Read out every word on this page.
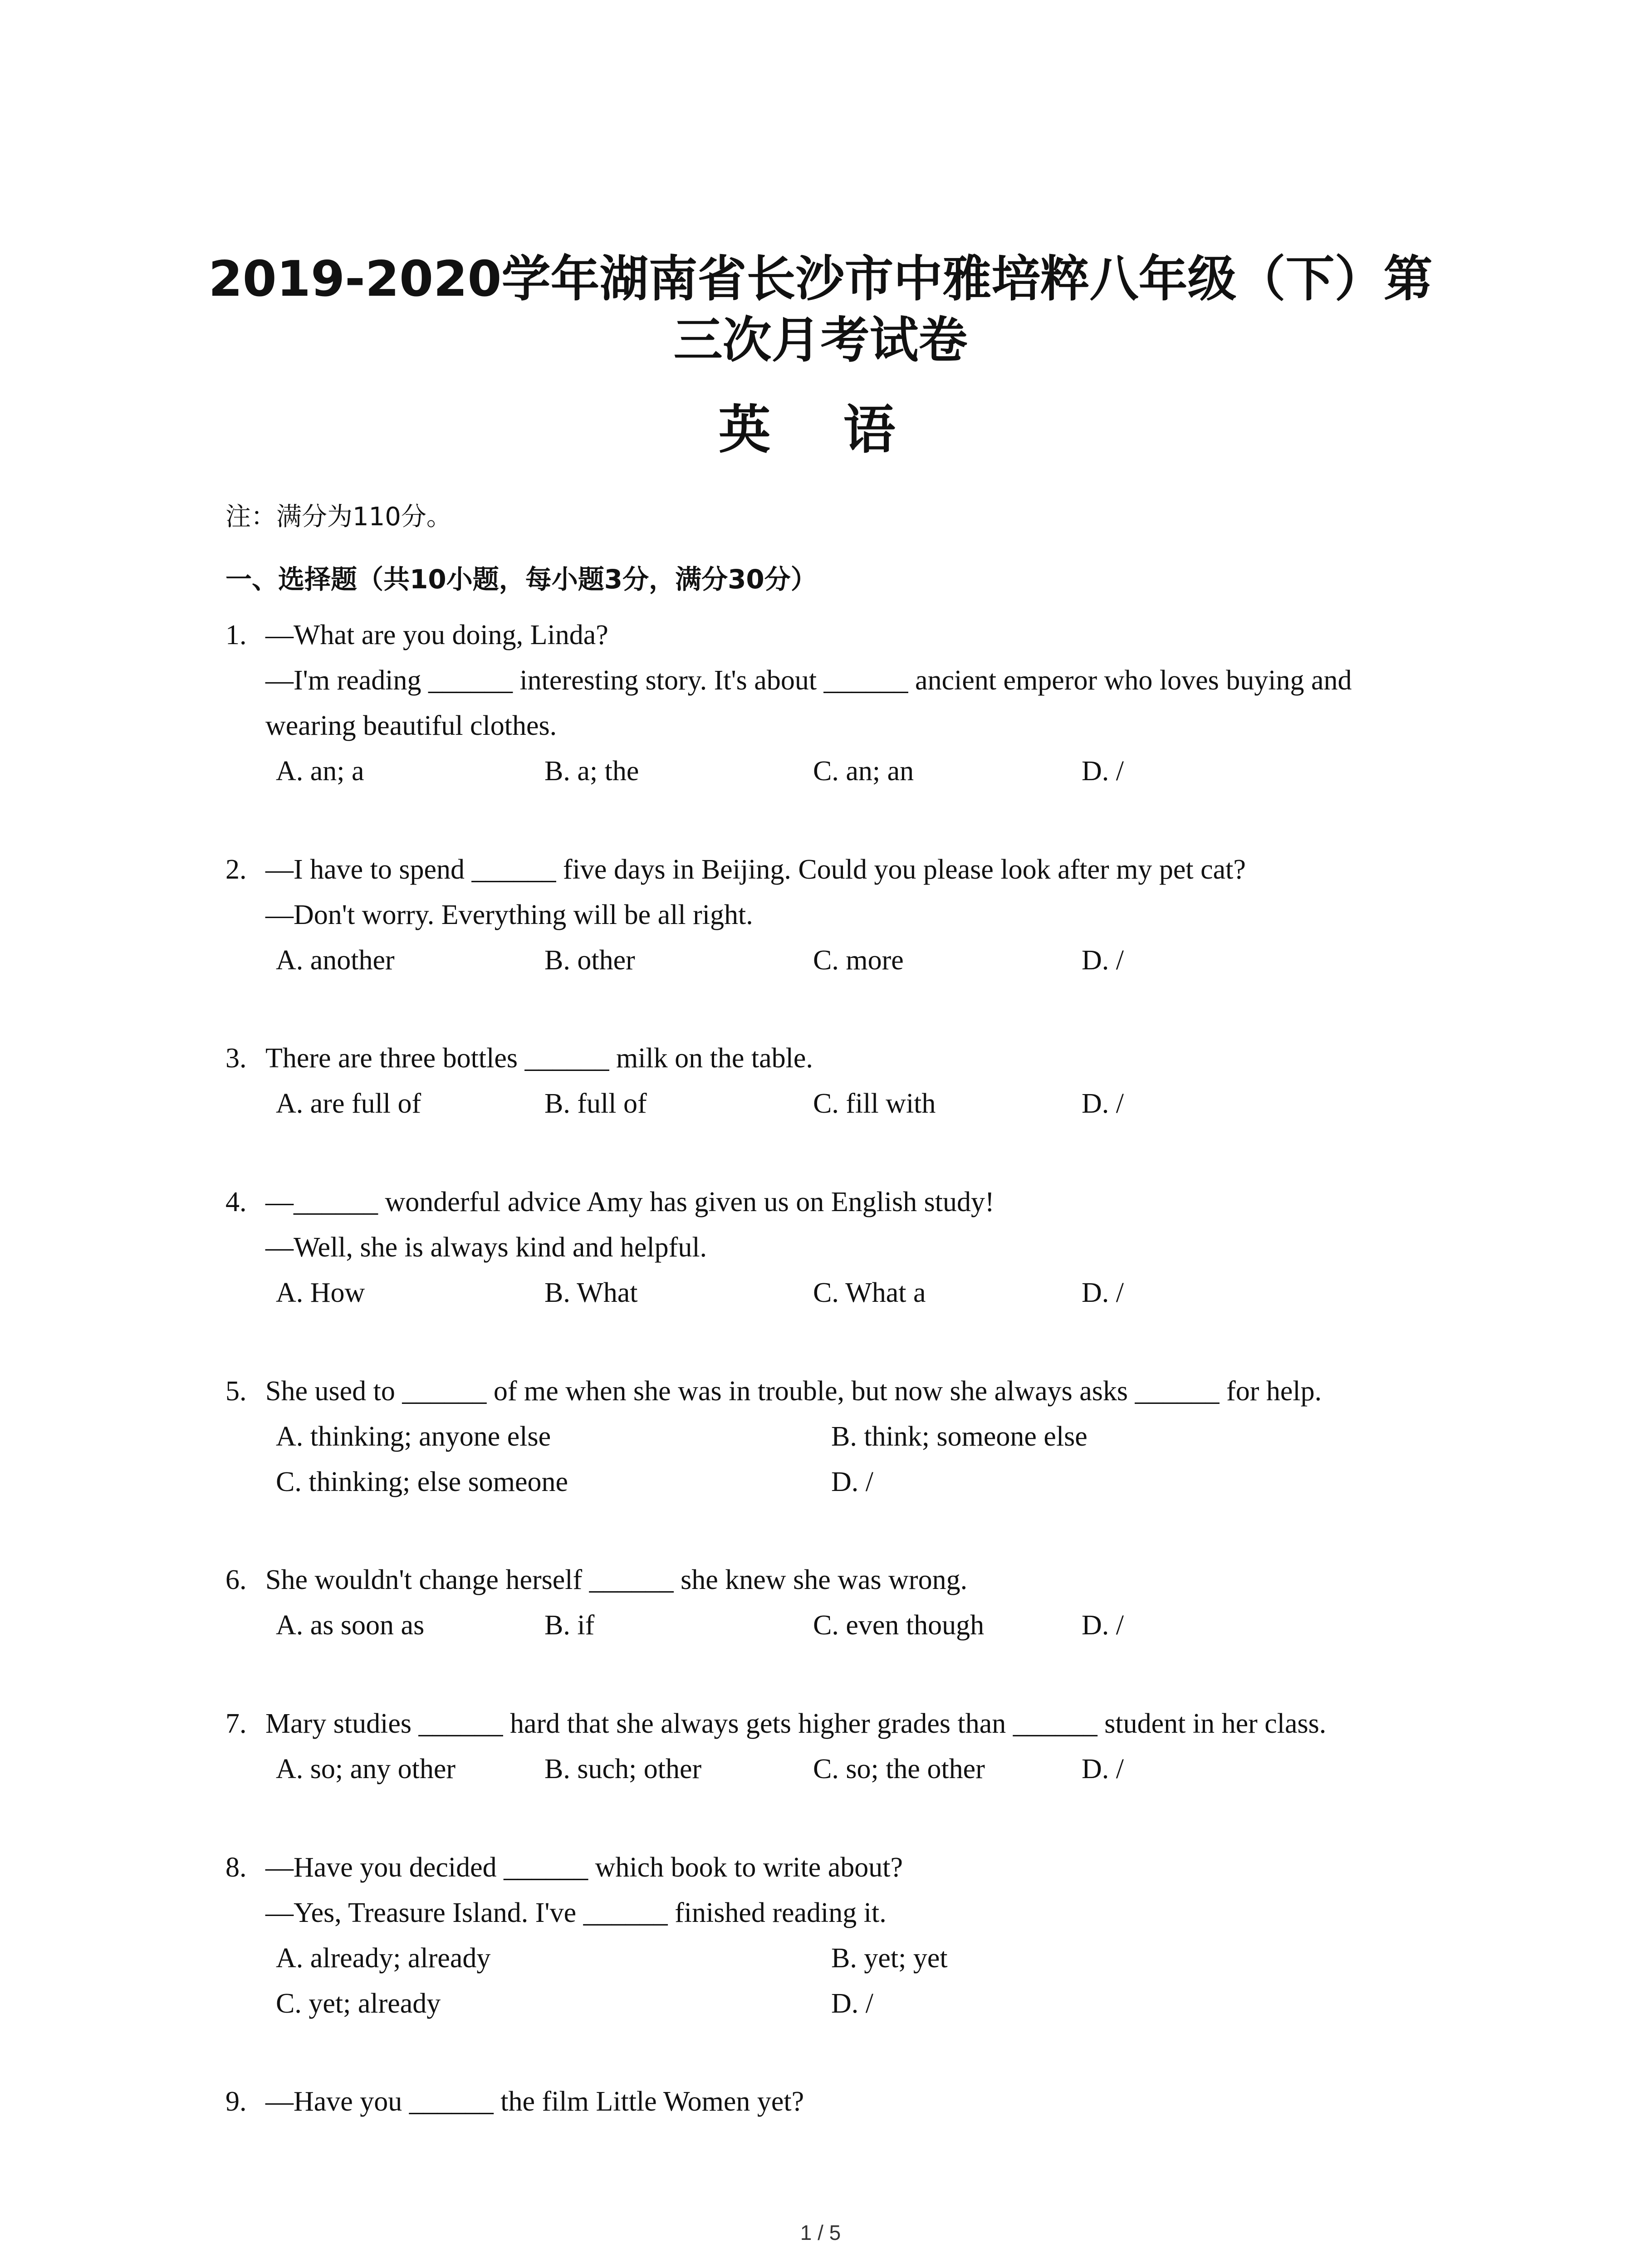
2019-2020学年湖南省长沙市中雅培粹八年级（下）第
三次月考试卷
英 语
注：满分为110分。
一、选择题（共10小题，每小题3分，满分30分）
1. —What are you doing, Linda?
—I'm reading ______ interesting story. It's about ______ ancient emperor who loves buying and
wearing beautiful clothes.
A. an; a	B. a; the	C. an; an	D. /
2. —I have to spend ______ five days in Beijing. Could you please look after my pet cat?
—Don't worry. Everything will be all right.
A. another	B. other	C. more	D. /
3. There are three bottles ______ milk on the table.
A. are full of	B. full of	C. fill with	D. /
4. —______ wonderful advice Amy has given us on English study!
—Well, she is always kind and helpful.
A. How	B. What	C. What a	D. /
5. She used to ______ of me when she was in trouble, but now she always asks ______ for help.
A. thinking; anyone else	B. think; someone else
C. thinking; else someone	D. /
6. She wouldn't change herself ______ she knew she was wrong.
A. as soon as	B. if	C. even though	D. /
7. Mary studies ______ hard that she always gets higher grades than ______ student in her class.
A. so; any other	B. such; other	C. so; the other	D. /
8. —Have you decided ______ which book to write about?
—Yes, Treasure Island. I've ______ finished reading it.
A. already; already	B. yet; yet
C. yet; already	D. /
9. —Have you ______ the film Little Women yet?
1 / 5
